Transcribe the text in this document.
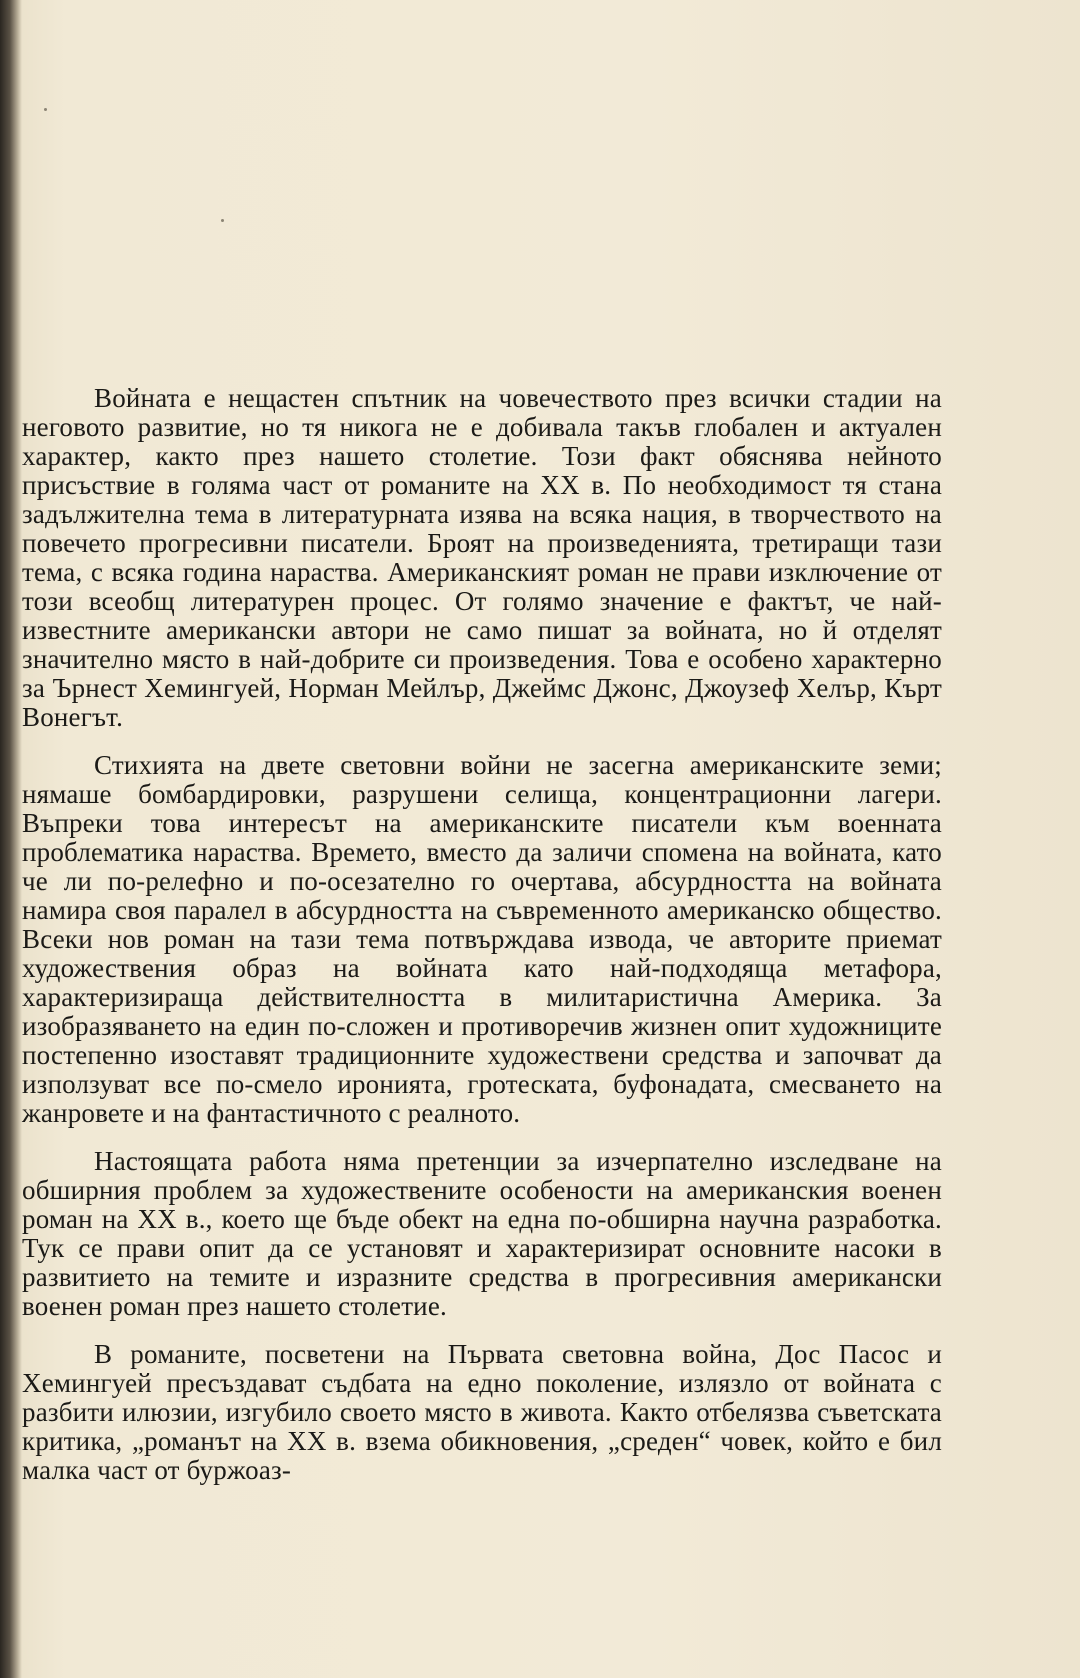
Войната е нещастен спътник на човечеството през всички стадии на неговото развитие, но тя никога не е добивала такъв глобален и актуален характер, както през нашето столетие. Този факт обяснява нейното присъствие в голяма част от романите на XX в. По необходимост тя стана задължителна тема в литературната изява на всяка нация, в творчеството на повечето прогресивни писатели. Броят на произведенията, третиращи тази тема, с всяка година нараства. Американският роман не прави изключение от този всеобщ литературен процес. От голямо значение е фактът, че най-известните американски автори не само пишат за войната, но й отделят значително място в най-добрите си произведения. Това е особено характерно за Ърнест Хемингуей, Норман Мейлър, Джеймс Джонс, Джоузеф Хелър, Кърт Вонегът.

Стихията на двете световни войни не засегна американските земи; нямаше бомбардировки, разрушени селища, концентрационни лагери. Въпреки това интересът на американските писатели към военната проблематика нараства. Времето, вместо да заличи спомена на войната, като че ли по-релефно и по-осезателно го очертава, абсурдността на войната намира своя паралел в абсурдността на съвременното американско общество. Всеки нов роман на тази тема потвърждава извода, че авторите приемат художествения образ на войната като най-подходяща метафора, характеризираща действителността в милитаристична Америка. За изобразяването на един по-сложен и противоречив жизнен опит художниците постепенно изоставят традиционните художествени средства и започват да използуват все по-смело иронията, гротеската, буфонадата, смесването на жанровете и на фантастичното с реалното.

Настоящата работа няма претенции за изчерпателно изследване на обширния проблем за художествените особености на американския военен роман на XX в., което ще бъде обект на една по-обширна научна разработка. Тук се прави опит да се установят и характеризират основните насоки в развитието на темите и изразните средства в прогресивния американски военен роман през нашето столетие.

В романите, посветени на Първата световна война, Дос Пасос и Хемингуей пресъздават съдбата на едно поколение, излязло от войната с разбити илюзии, изгубило своето място в живота. Както отбелязва съветската критика, „романът на XX в. взема обикновения, „среден“ човек, който е бил малка част от буржоаз-
